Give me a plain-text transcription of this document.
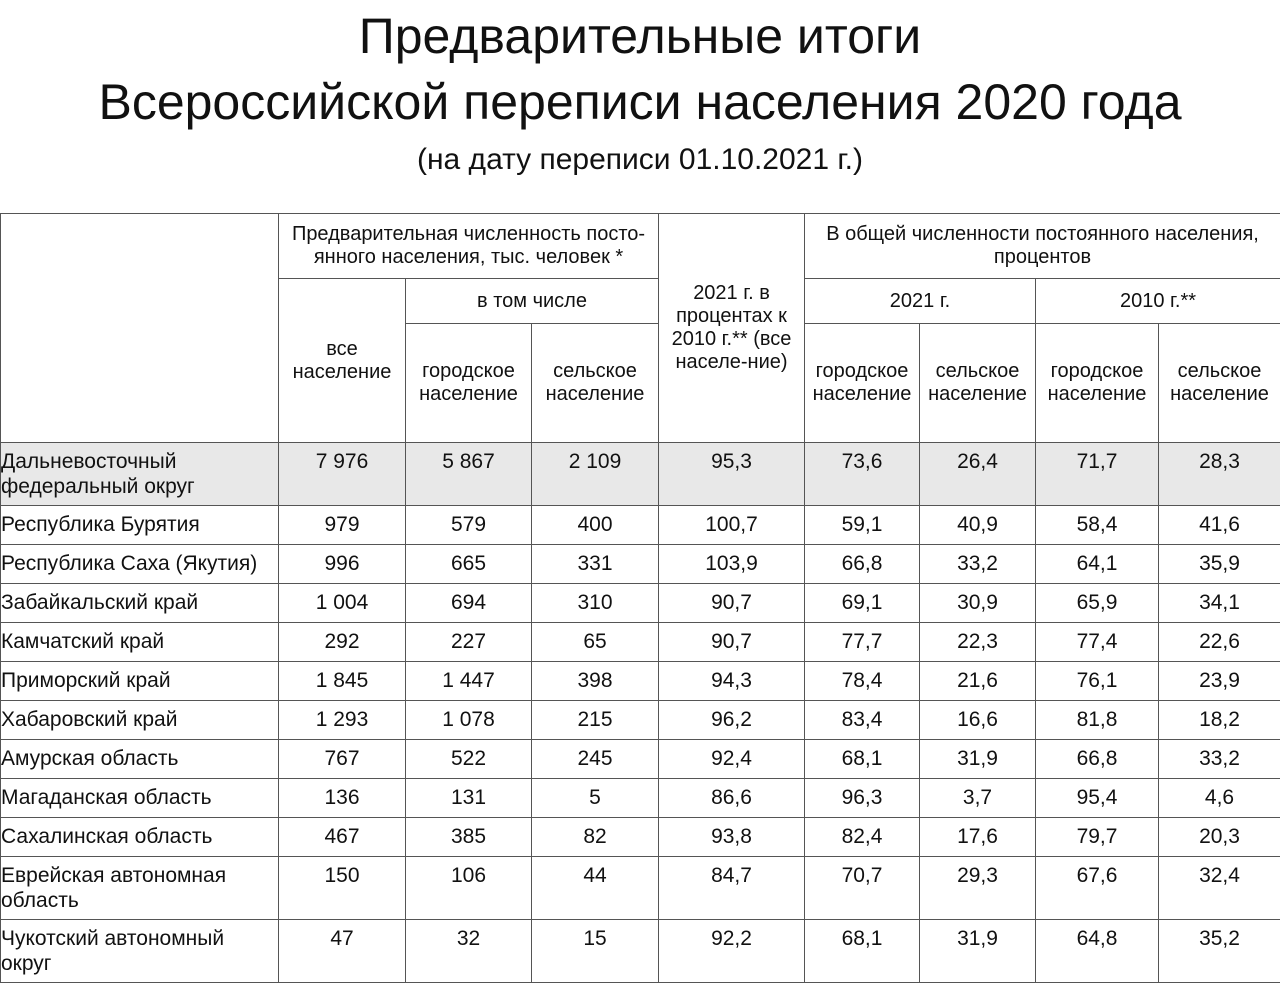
Предварительные итоги
Всероссийской переписи населения 2020 года
(на дату переписи 01.10.2021 г.)
	Предварительная численность посто-янного населения, тыс. человек *			2021 г. в процентах к 2010 г.** (все населе-ние)	В общей численности постоянного населения, процентов			
	все население	в том числе			2021 г.		2010 г.**	
		городское население	сельское население		городское население	сельское население	городское население	сельское население
Дальневосточный федеральный округ	7 976	5 867	2 109	95,3	73,6	26,4	71,7	28,3
Республика Бурятия	979	579	400	100,7	59,1	40,9	58,4	41,6
Республика Саха (Якутия)	996	665	331	103,9	66,8	33,2	64,1	35,9
Забайкальский край	1 004	694	310	90,7	69,1	30,9	65,9	34,1
Камчатский край	292	227	65	90,7	77,7	22,3	77,4	22,6
Приморский край	1 845	1 447	398	94,3	78,4	21,6	76,1	23,9
Хабаровский край	1 293	1 078	215	96,2	83,4	16,6	81,8	18,2
Амурская область	767	522	245	92,4	68,1	31,9	66,8	33,2
Магаданская область	136	131	5	86,6	96,3	3,7	95,4	4,6
Сахалинская область	467	385	82	93,8	82,4	17,6	79,7	20,3
Еврейская автономная область	150	106	44	84,7	70,7	29,3	67,6	32,4
Чукотский автономный округ	47	32	15	92,2	68,1	31,9	64,8	35,2
